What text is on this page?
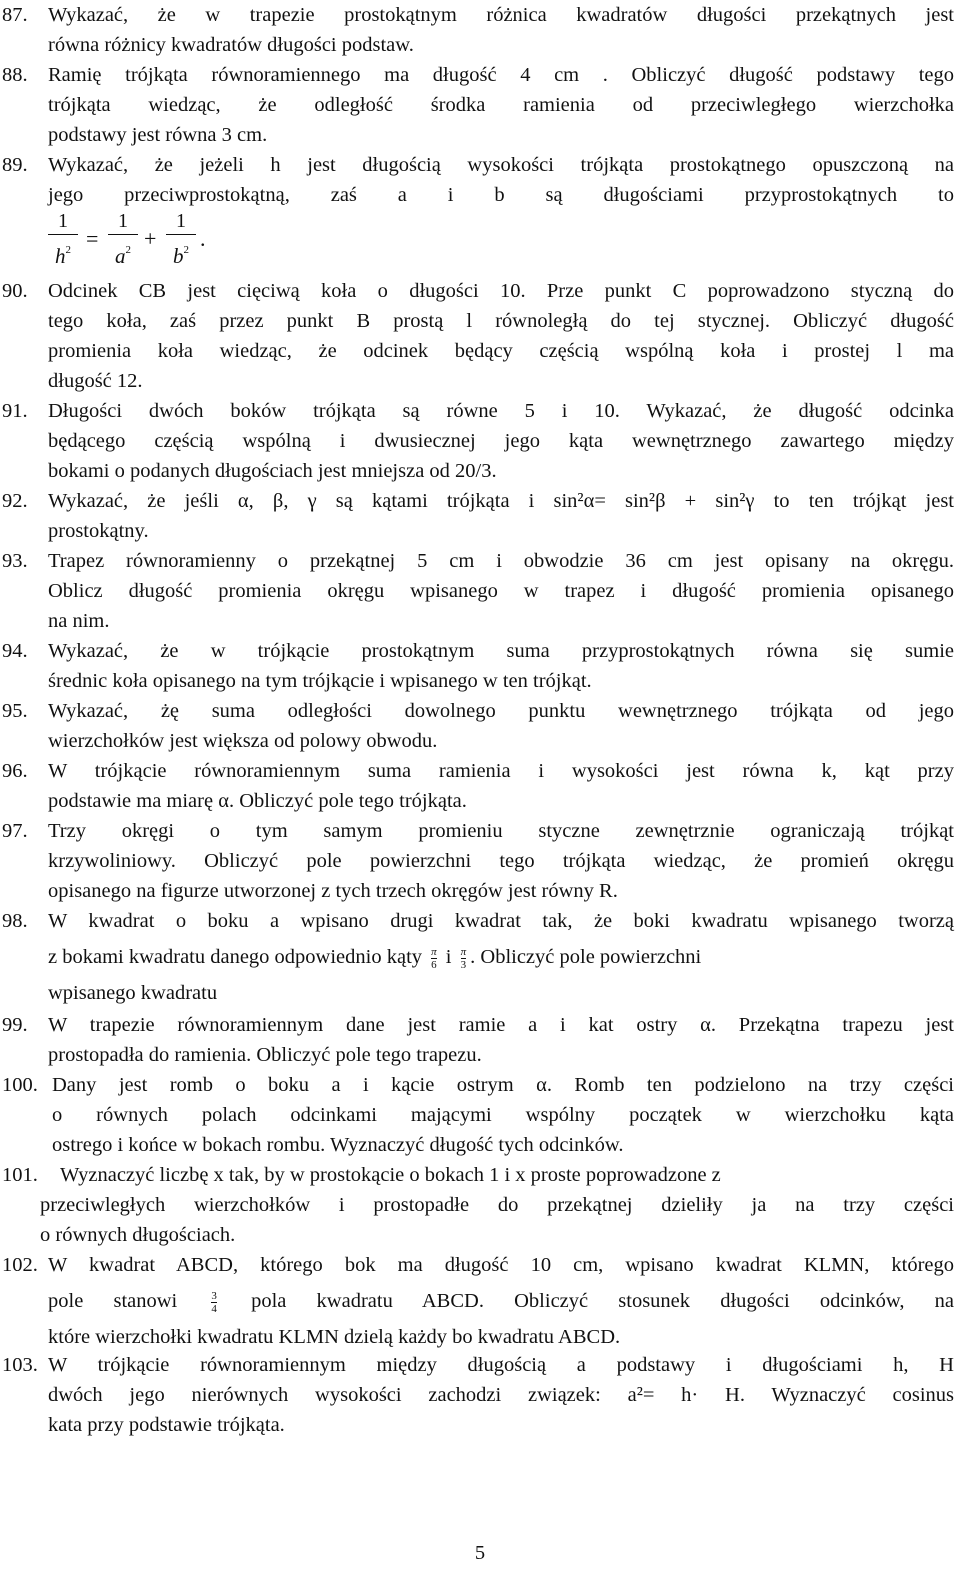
87. Wykazać, że w trapezie prostokątnym różnica kwadratów długości przekątnych jest
równa różnicy kwadratów długości podstaw.
88. Ramię trójkąta równoramiennego ma długość 4 cm . Obliczyć długość podstawy tego
trójkąta wiedząc, że odległość środka ramienia od przeciwległego wierzchołka
podstawy jest równa 3 cm.
89. Wykazać, że jeżeli h jest długością wysokości trójkąta prostokątnego opuszczoną na
jego przeciwprostokątną, zaś a i b są długościami przyprostokątnych to
1
$h^2$ =
1
$a^2$ +
1
$b^2$ .
90. Odcinek CB jest cięciwą koła o długości 10. Prze punkt C poprowadzono styczną do
tego koła, zaś przez punkt B prostą l równoległą do tej stycznej. Obliczyć długość
promienia koła wiedząc, że odcinek będący częścią wspólną koła i prostej l ma
długość 12.
91. Długości dwóch boków trójkąta są równe 5 i 10. Wykazać, że długość odcinka
będącego częścią wspólną i dwusiecznej jego kąta wewnętrznego zawartego między
bokami o podanych długościach jest mniejsza od 20/3.
92. Wykazać, że jeśli α, β, γ są kątami trójkąta i sin²α= sin²β + sin²γ to ten trójkąt jest
prostokątny.
93. Trapez równoramienny o przekątnej 5 cm i obwodzie 36 cm jest opisany na okręgu.
Oblicz długość promienia okręgu wpisanego w trapez i długość promienia opisanego
na nim.
94. Wykazać, że w trójkącie prostokątnym suma przyprostokątnych równa się sumie
średnic koła opisanego na tym trójkącie i wpisanego w ten trójkąt.
95. Wykazać, żę suma odległości dowolnego punktu wewnętrznego trójkąta od jego
wierzchołków jest większa od polowy obwodu.
96. W trójkącie równoramiennym suma ramienia i wysokości jest równa k, kąt przy
podstawie ma miarę α. Obliczyć pole tego trójkąta.
97. Trzy okręgi o tym samym promieniu styczne zewnętrznie ograniczają trójkąt
krzywoliniowy. Obliczyć pole powierzchni tego trójkąta wiedząc, że promień okręgu
opisanego na figurze utworzonej z tych trzech okręgów jest równy R.
98. W kwadrat o boku a wpisano drugi kwadrat tak, że boki kwadratu wpisanego tworzą
z bokami kwadratu danego odpowiednio kąty $\frac{\pi}{6}$ i $\frac{\pi}{3}$ . Obliczyć pole powierzchni
wpisanego kwadratu
99. W trapezie równoramiennym dane jest ramie a i kat ostry α. Przekątna trapezu jest
prostopadła do ramienia. Obliczyć pole tego trapezu.
100. Dany jest romb o boku a i kącie ostrym α. Romb ten podzielono na trzy części
o równych polach odcinkami mającymi wspólny początek w wierzchołku kąta
ostrego i końce w bokach rombu. Wyznaczyć długość tych odcinków.
101.	Wyznaczyć liczbę x tak, by w prostokącie o bokach 1 i x proste poprowadzone z
przeciwległych wierzchołków i prostopadłe do przekątnej dzieliły ja na trzy części
o równych długościach.
102. W kwadrat ABCD, którego bok ma długość 10 cm, wpisano kwadrat KLMN, którego
pole stanowi	$\frac{3}{4}$ pola kwadratu ABCD. Obliczyć stosunek długości odcinków, na
które wierzchołki kwadratu KLMN dzielą każdy bo kwadratu ABCD.
103. W trójkącie równoramiennym między długością a podstawy i długościami h, H
dwóch jego nierównych wysokości zachodzi związek: a²= h· H. Wyznaczyć cosinus
kata przy podstawie trójkąta.
5
